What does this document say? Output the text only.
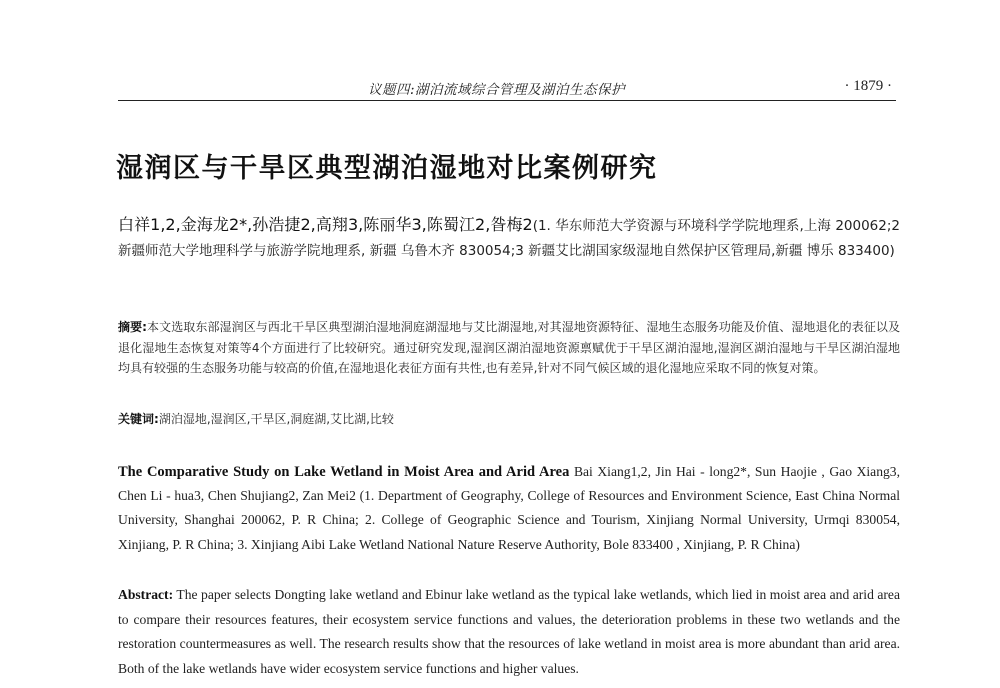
议题四:湖泊流域综合管理及湖泊生态保护	· 1879 ·
湿润区与干旱区典型湖泊湿地对比案例研究
白祥1,2,金海龙2*,孙浩捷2,高翔3,陈丽华3,陈蜀江2,昝梅2(1. 华东师范大学资源与环境科学学院地理系,上海 200062;2 新疆师范大学地理科学与旅游学院地理系, 新疆 乌鲁木齐 830054;3 新疆艾比湖国家级湿地自然保护区管理局,新疆 博乐 833400)
摘要:本文选取东部湿润区与西北干旱区典型湖泊湿地洞庭湖湿地与艾比湖湿地,对其湿地资源特征、湿地生态服务功能及价值、湿地退化的表征以及退化湿地生态恢复对策等4个方面进行了比较研究。通过研究发现,湿润区湖泊湿地资源禀赋优于干旱区湖泊湿地,湿润区湖泊湿地与干旱区湖泊湿地均具有较强的生态服务功能与较高的价值,在湿地退化表征方面有共性,也有差异,针对不同气候区域的退化湿地应采取不同的恢复对策。
关键词:湖泊湿地,湿润区,干旱区,洞庭湖,艾比湖,比较
The Comparative Study on Lake Wetland in Moist Area and Arid Area Bai Xiang1,2, Jin Hai - long2*, Sun Haojie , Gao Xiang3, Chen Li - hua3, Chen Shujiang2, Zan Mei2 (1. Department of Geography, College of Resources and Environment Science, East China Normal University, Shanghai 200062, P. R China; 2. College of Geographic Science and Tourism, Xinjiang Normal University, Urmqi 830054, Xinjiang, P. R China; 3. Xinjiang Aibi Lake Wetland National Nature Reserve Authority, Bole 833400 , Xinjiang, P. R China)
Abstract: The paper selects Dongting lake wetland and Ebinur lake wetland as the typical lake wetlands, which lied in moist area and arid area to compare their resources features, their ecosystem service functions and values, the deterioration problems in these two wetlands and the restoration countermeasures as well. The research results show that the resources of lake wetland in moist area is more abundant than arid area. Both of the lake wetlands have wider ecosystem service functions and higher values.
